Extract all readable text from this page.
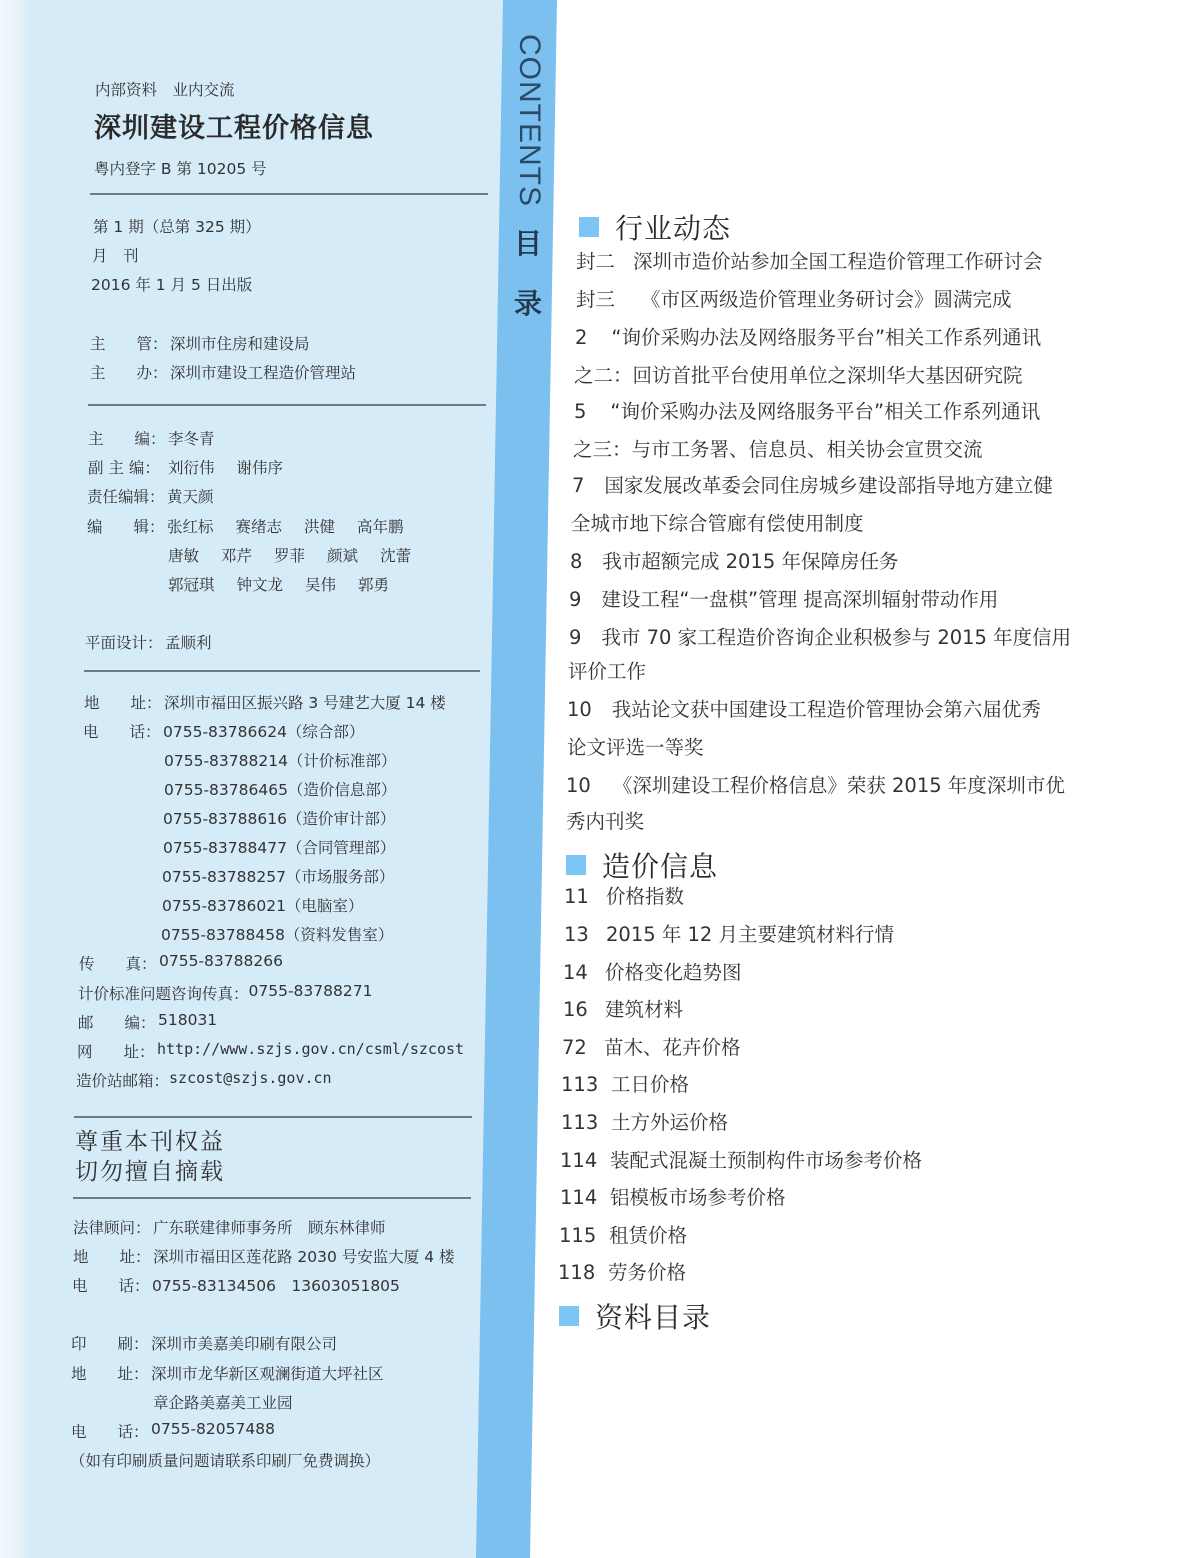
CONTENTS
目
录
内部资料　业内交流
深圳建设工程价格信息
粤内登字 B 第 10205 号
第 1 期（总第 325 期）
月　刊
2016 年 1 月 5 日出版
主　　管： 深圳市住房和建设局
主　　办： 深圳市建设工程造价管理站
主　　编： 李冬青
副 主 编： 刘衍伟 谢伟序
责任编辑： 黄天颜
编　　辑： 张红标 赛绪志 洪健 高年鹏
唐敏 邓芹 罗菲 颜斌 沈蕾
郭冠琪 钟文龙 吴伟 郭勇
平面设计： 孟顺利
地　　址： 深圳市福田区振兴路 3 号建艺大厦 14 楼
电　　话： 0755-83786624（综合部）
0755-83788214（计价标准部）
0755-83786465（造价信息部）
0755-83788616（造价审计部）
0755-83788477（合同管理部）
0755-83788257（市场服务部）
0755-83786021（电脑室）
0755-83788458（资料发售室）
传　　真： 0755-83788266
计价标准问题咨询传真： 0755-83788271
邮　　编： 518031
网　　址： http://www.szjs.gov.cn/csml/szcost
造价站邮箱： szcost@szjs.gov.cn
尊重本刊权益
切勿擅自摘载
法律顾问： 广东联建律师事务所　顾东林律师
地　　址： 深圳市福田区莲花路 2030 号安监大厦 4 楼
电　　话： 0755-83134506　13603051805
印　　刷： 深圳市美嘉美印刷有限公司
地　　址： 深圳市龙华新区观澜街道大坪社区
章企路美嘉美工业园
电　　话： 0755-82057488
（如有印刷质量问题请联系印刷厂免费调换）
行业动态
封二 深圳市造价站参加全国工程造价管理工作研讨会
封三 《市区两级造价管理业务研讨会》圆满完成
2 “询价采购办法及网络服务平台”相关工作系列通讯
之二：回访首批平台使用单位之深圳华大基因研究院
5 “询价采购办法及网络服务平台”相关工作系列通讯
之三：与市工务署、信息员、相关协会宣贯交流
7 国家发展改革委会同住房城乡建设部指导地方建立健
全城市地下综合管廊有偿使用制度
8 我市超额完成 2015 年保障房任务
9 建设工程“一盘棋”管理 提高深圳辐射带动作用
9 我市 70 家工程造价咨询企业积极参与 2015 年度信用
评价工作
10 我站论文获中国建设工程造价管理协会第六届优秀
论文评选一等奖
10 《深圳建设工程价格信息》荣获 2015 年度深圳市优
秀内刊奖
造价信息
11 价格指数
13 2015 年 12 月主要建筑材料行情
14 价格变化趋势图
16 建筑材料
72 苗木、花卉价格
113 工日价格
113 土方外运价格
114 装配式混凝土预制构件市场参考价格
114 铝模板市场参考价格
115 租赁价格
118 劳务价格
资料目录
